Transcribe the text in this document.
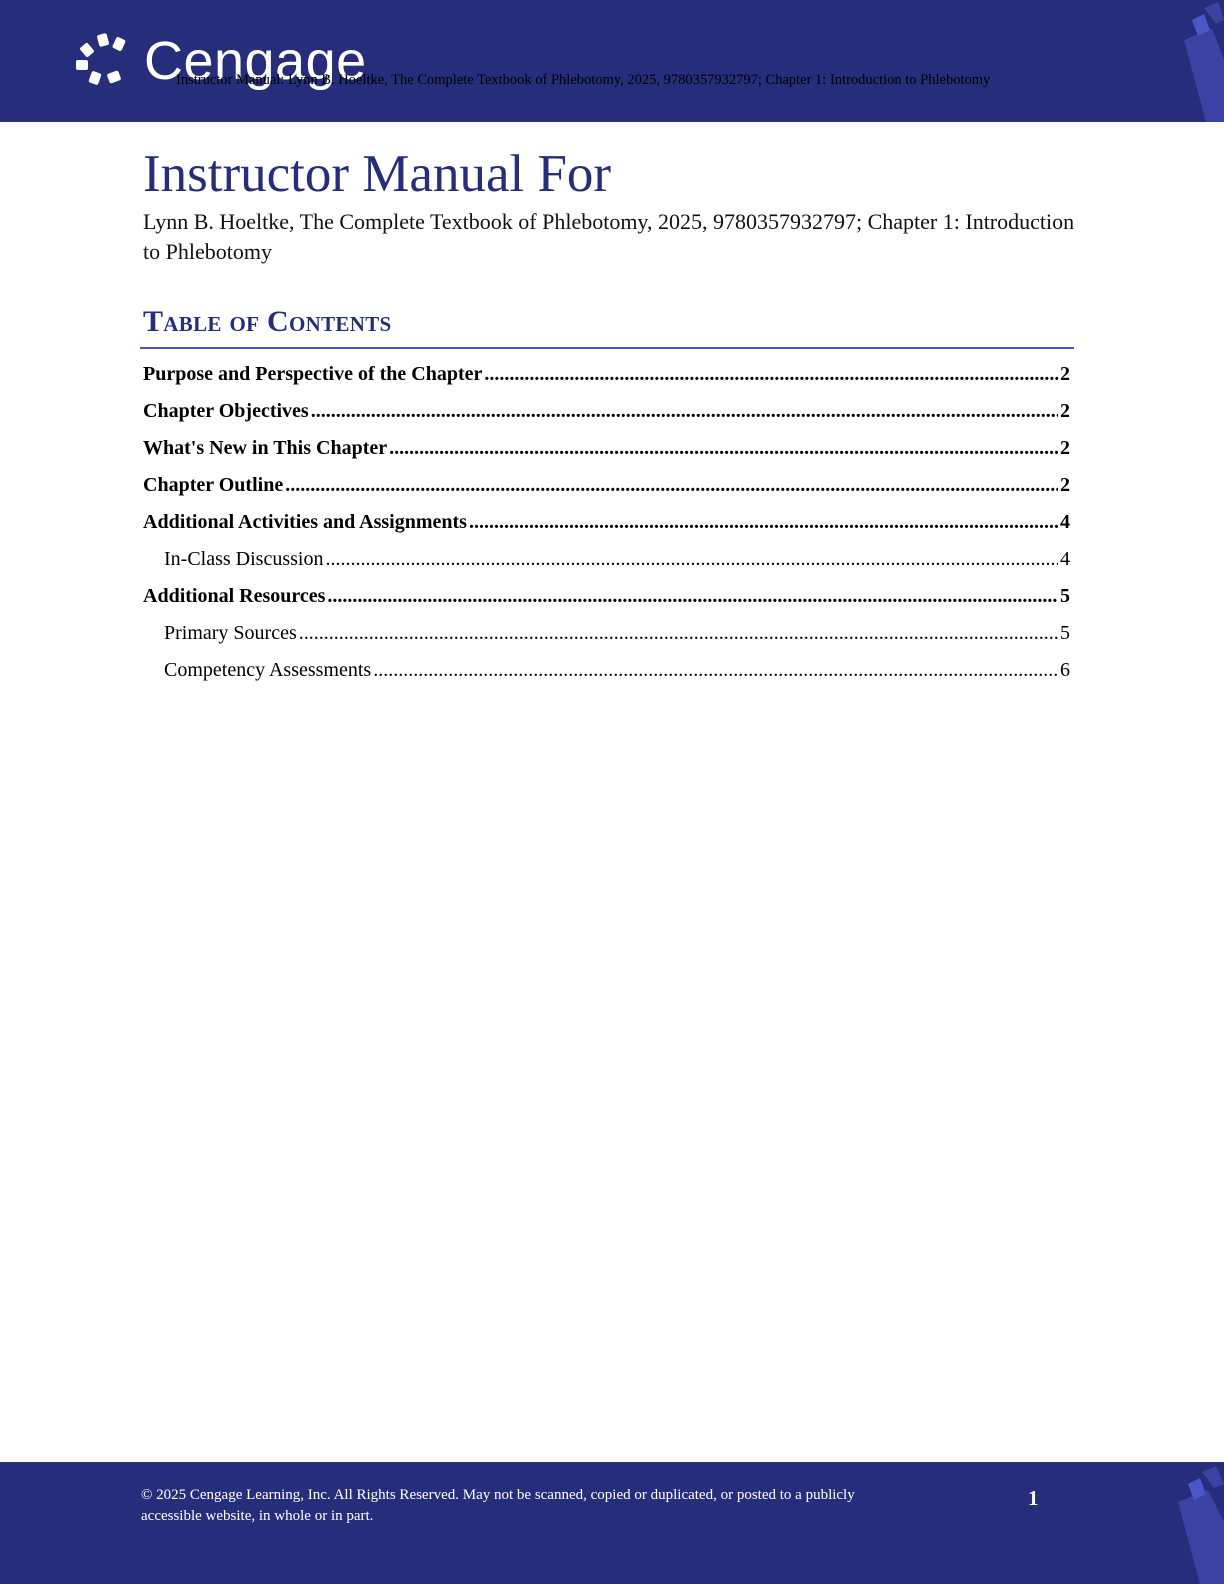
Cengage
Instructor Manual: Lynn B. Hoeltke, The Complete Textbook of Phlebotomy, 2025, 9780357932797; Chapter 1: Introduction to Phlebotomy
Instructor Manual For
Lynn B. Hoeltke, The Complete Textbook of Phlebotomy, 2025, 9780357932797; Chapter 1: Introduction to Phlebotomy
Table of Contents
Purpose and Perspective of the Chapter .....	2
Chapter Objectives .....	2
What's New in This Chapter .....	2
Chapter Outline .....	2
Additional Activities and Assignments .....	4
In-Class Discussion .....	4
Additional Resources .....	5
Primary Sources .....	5
Competency Assessments .....	6
© 2025 Cengage Learning, Inc. All Rights Reserved. May not be scanned, copied or duplicated, or posted to a publicly accessible website, in whole or in part.
1
